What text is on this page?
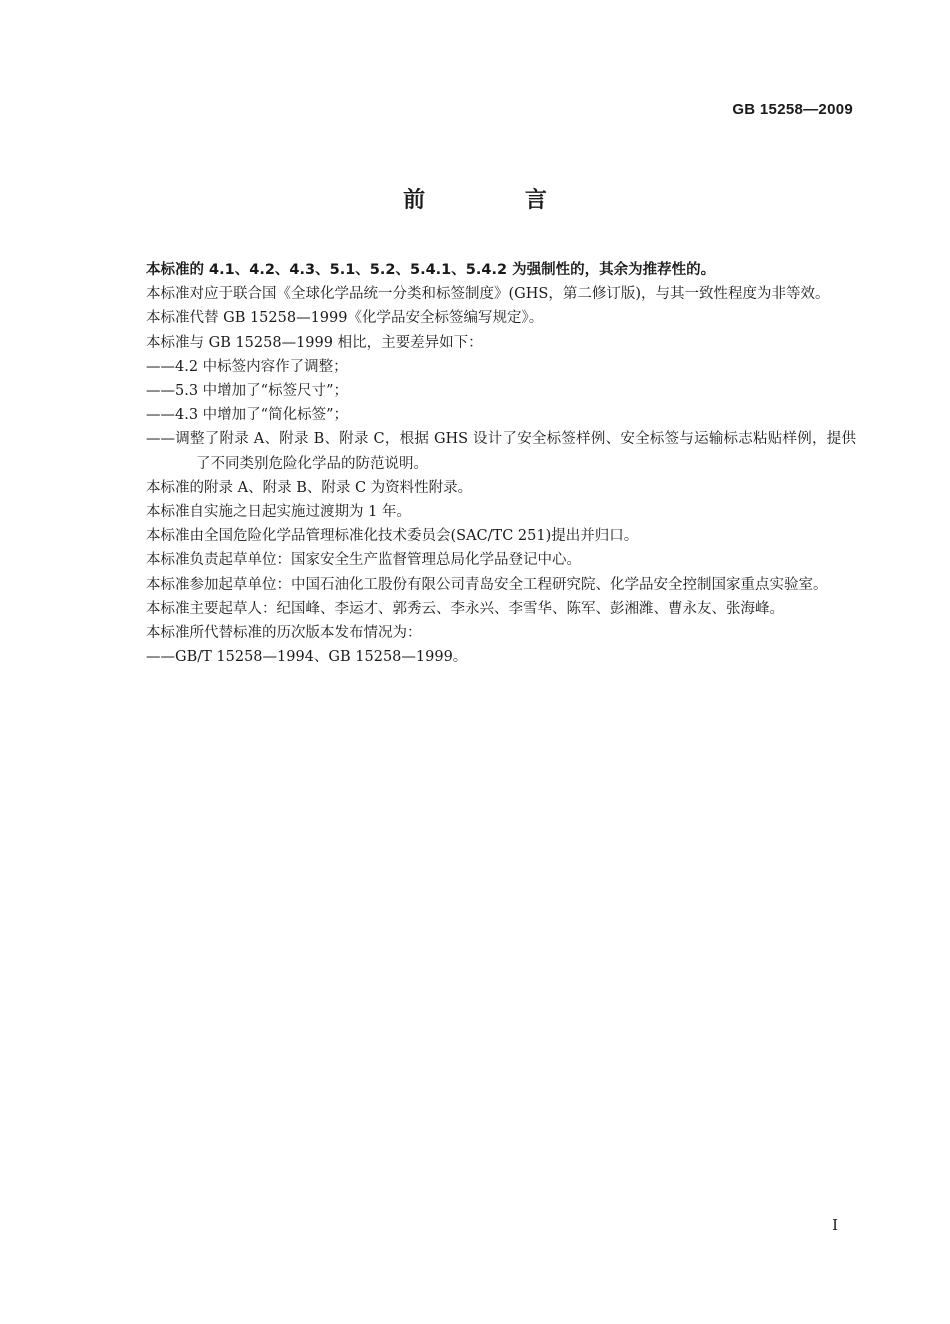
GB 15258—2009
前 言

本标准的 4.1、4.2、4.3、5.1、5.2、5.4.1、5.4.2 为强制性的，其余为推荐性的。

本标准对应于联合国《全球化学品统一分类和标签制度》(GHS，第二修订版)，与其一致性程度为非等效。

本标准代替 GB 15258—1999《化学品安全标签编写规定》。

本标准与 GB 15258—1999 相比，主要差异如下：

——4.2 中标签内容作了调整；

——5.3 中增加了“标签尺寸”；

——4.3 中增加了“简化标签”；

——调整了附录 A、附录 B、附录 C，根据 GHS 设计了安全标签样例、安全标签与运输标志粘贴样例，提供了不同类别危险化学品的防范说明。

本标准的附录 A、附录 B、附录 C 为资料性附录。

本标准自实施之日起实施过渡期为 1 年。

本标准由全国危险化学品管理标准化技术委员会(SAC/TC 251)提出并归口。

本标准负责起草单位：国家安全生产监督管理总局化学品登记中心。

本标准参加起草单位：中国石油化工股份有限公司青岛安全工程研究院、化学品安全控制国家重点实验室。

本标准主要起草人：纪国峰、李运才、郭秀云、李永兴、李雪华、陈军、彭湘潍、曹永友、张海峰。

本标准所代替标准的历次版本发布情况为：

——GB/T 15258—1994、GB 15258—1999。

I
